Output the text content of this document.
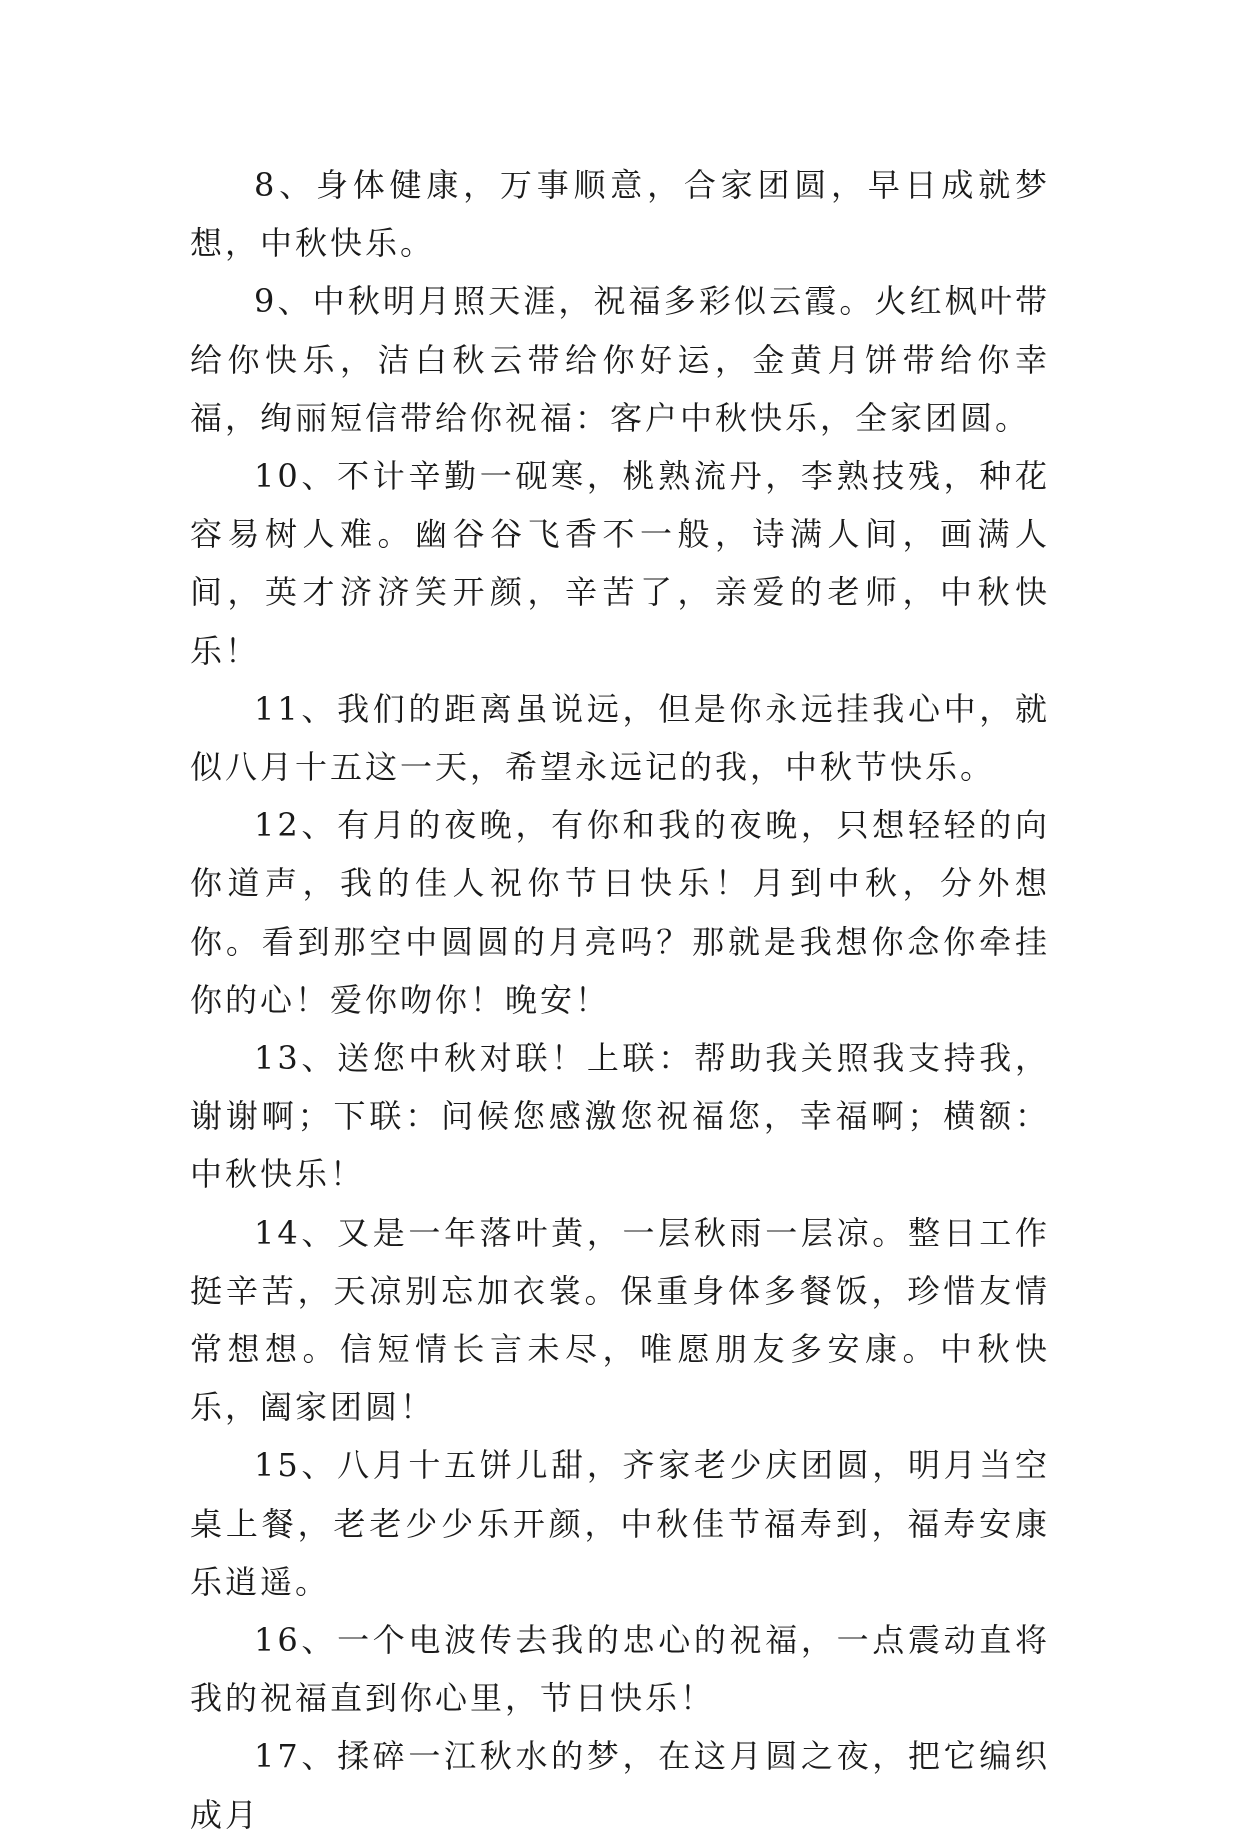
8、身体健康，万事顺意，合家团圆，早日成就梦想，中秋快乐。

9、中秋明月照天涯，祝福多彩似云霞。火红枫叶带给你快乐，洁白秋云带给你好运，金黄月饼带给你幸福，绚丽短信带给你祝福：客户中秋快乐，全家团圆。

10、不计辛勤一砚寒，桃熟流丹，李熟技残，种花容易树人难。幽谷谷飞香不一般，诗满人间，画满人间，英才济济笑开颜，辛苦了，亲爱的老师，中秋快乐！

11、我们的距离虽说远，但是你永远挂我心中，就似八月十五这一天，希望永远记的我，中秋节快乐。

12、有月的夜晚，有你和我的夜晚，只想轻轻的向你道声，我的佳人祝你节日快乐！月到中秋，分外想你。看到那空中圆圆的月亮吗？那就是我想你念你牵挂你的心！爱你吻你！晚安！

13、送您中秋对联！上联：帮助我关照我支持我，谢谢啊；下联：问候您感激您祝福您，幸福啊；横额：中秋快乐！

14、又是一年落叶黄，一层秋雨一层凉。整日工作挺辛苦，天凉别忘加衣裳。保重身体多餐饭，珍惜友情常想想。信短情长言未尽，唯愿朋友多安康。中秋快乐，阖家团圆！

15、八月十五饼儿甜，齐家老少庆团圆，明月当空桌上餐，老老少少乐开颜，中秋佳节福寿到，福寿安康乐逍遥。

16、一个电波传去我的忠心的祝福，一点震动直将我的祝福直到你心里，节日快乐！

17、揉碎一江秋水的梦，在这月圆之夜，把它编织成月
